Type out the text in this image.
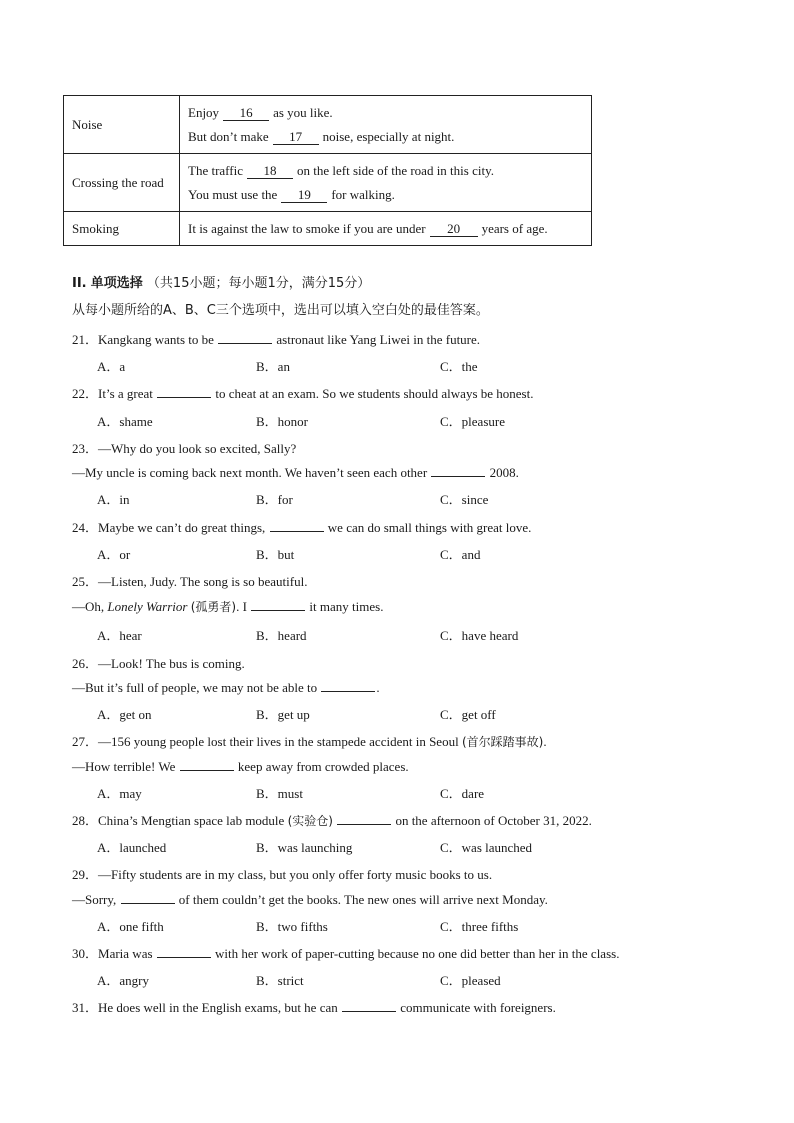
Noise	Enjoy 16 as you like.
But don’t make 17 noise, especially at night.

Crossing the road	The traffic 18 on the left side of the road in this city.
You must use the 19 for walking.

Smoking	It is against the law to smoke if you are under 20 years of age.
II. 单项选择 （共15小题；每小题1分，满分15分）
从每小题所给的A、B、C三个选项中，选出可以填入空白处的最佳答案。
21．Kangkang wants to be	astronaut like Yang Liwei in the future.
A．a	B．an	C．the
22．It’s a great	to cheat at an exam. So we students should always be honest.
A．shame	B．honor	C．pleasure
23．—Why do you look so excited, Sally?
—My uncle is coming back next month. We haven’t seen each other	2008.
A．in	B．for	C．since
24．Maybe we can’t do great things,	we can do small things with great love.
A．or	B．but	C．and
25．—Listen, Judy. The song is so beautiful.
—Oh, Lonely Warrior (孤勇者). I	it many times.
A．hear	B．heard	C．have heard
26．—Look! The bus is coming.
—But it’s full of people, we may not be able to	.
A．get on	B．get up	C．get off
27．—156 young people lost their lives in the stampede accident in Seoul (首尔踩踏事故).
—How terrible! We	keep away from crowded places.
A．may	B．must	C．dare
28．China’s Mengtian space lab module (实验仓)	on the afternoon of October 31, 2022.
A．launched	B．was launching	C．was launched
29．—Fifty students are in my class, but you only offer forty music books to us.
—Sorry,	of them couldn’t get the books. The new ones will arrive next Monday.
A．one fifth	B．two fifths	C．three fifths
30．Maria was	with her work of paper-cutting because no one did better than her in the class.
A．angry	B．strict	C．pleased
31．He does well in the English exams, but he can	communicate with foreigners.
